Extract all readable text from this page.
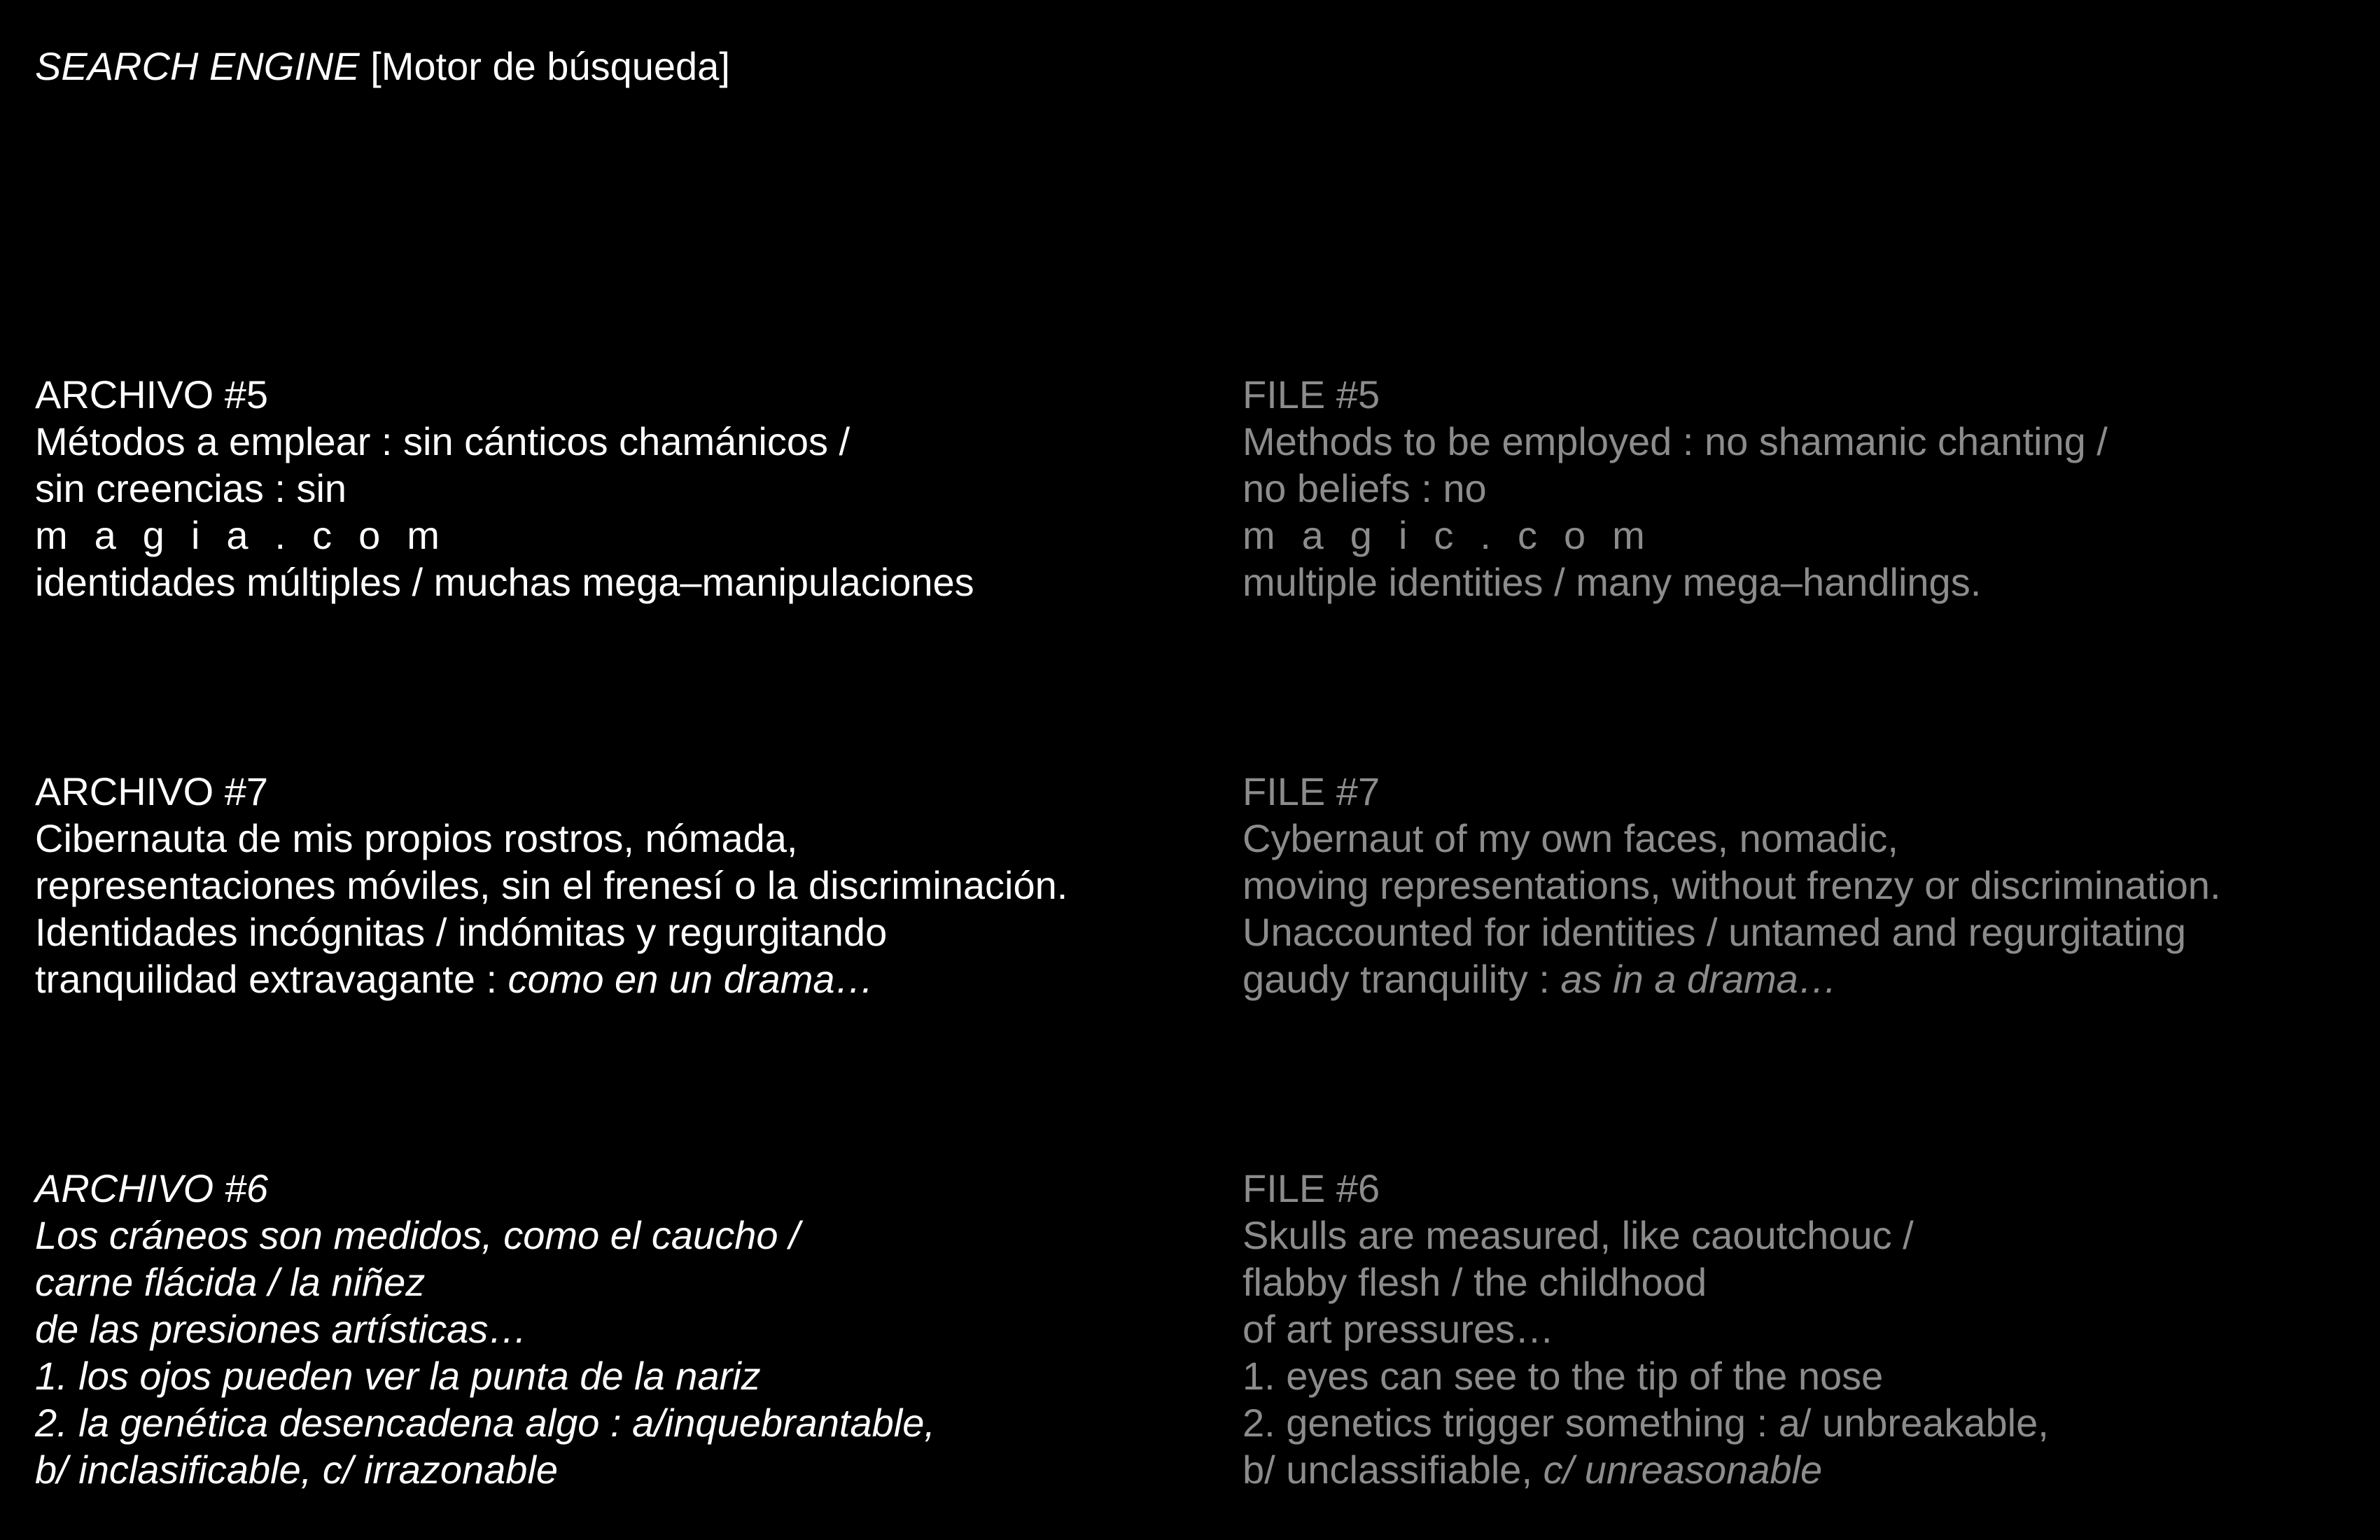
SEARCH ENGINE [Motor de búsqueda]
ARCHIVO #5
Métodos a emplear : sin cánticos chamánicos /
sin creencias : sin
magia.com
identidades múltiples / muchas mega–manipulaciones
FILE #5
Methods to be employed : no shamanic chanting /
no beliefs : no
magic.com
multiple identities / many mega–handlings.
ARCHIVO #7
Cibernauta de mis propios rostros, nómada,
representaciones móviles, sin el frenesí o la discriminación.
Identidades incógnitas / indómitas y regurgitando
tranquilidad extravagante : como en un drama…
FILE #7
Cybernaut of my own faces, nomadic,
moving representations, without frenzy or discrimination.
Unaccounted for identities / untamed and regurgitating
gaudy tranquility : as in a drama…
ARCHIVO #6
Los cráneos son medidos, como el caucho /
carne flácida / la niñez
de las presiones artísticas…
1. los ojos pueden ver la punta de la nariz
2. la genética desencadena algo : a/inquebrantable,
b/ inclasificable, c/ irrazonable
FILE #6
Skulls are measured, like caoutchouc /
flabby flesh / the childhood
of art pressures…
1. eyes can see to the tip of the nose
2. genetics trigger something : a/ unbreakable,
b/ unclassifiable, c/ unreasonable
